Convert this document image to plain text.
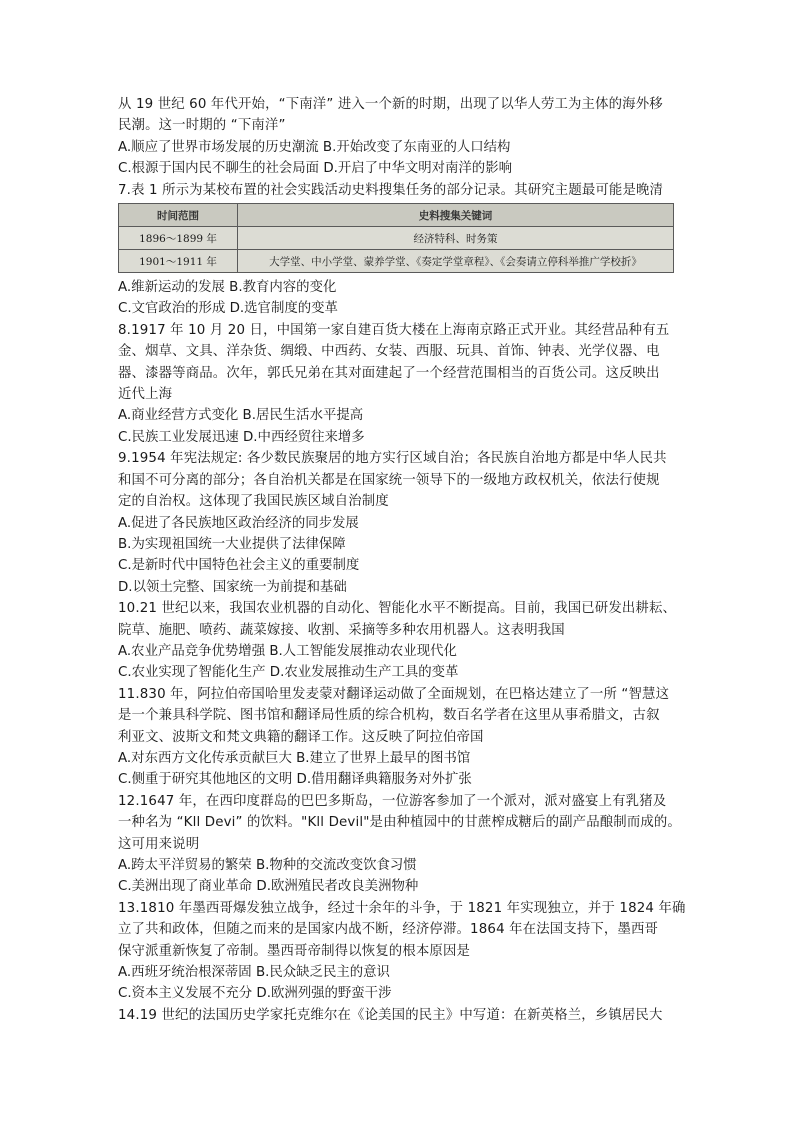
从 19 世纪 60 年代开始，“下南洋” 进入一个新的时期，出现了以华人劳工为主体的海外移
民潮。这一时期的 “下南洋”
A.顺应了世界市场发展的历史潮流 B.开始改变了东南亚的人口结构
C.根源于国内民不聊生的社会局面 D.开启了中华文明对南洋的影响
7.表 1 所示为某校布置的社会实践活动史料搜集任务的部分记录。其研究主题最可能是晚清
时间范围	史料搜集关键词
1896～1899 年	经济特科、时务策
1901～1911 年	大学堂、中小学堂、蒙养学堂、《奏定学堂章程》、《会奏请立停科举推广学校折》
A.维新运动的发展 B.教育内容的变化
C.文官政治的形成 D.选官制度的变革
8.1917 年 10 月 20 日，中国第一家自建百货大楼在上海南京路正式开业。其经营品种有五
金、烟草、文具、洋杂货、绸缎、中西药、女装、西服、玩具、首饰、钟表、光学仪器、电
器、漆器等商品。次年，郭氏兄弟在其对面建起了一个经营范围相当的百货公司。这反映出
近代上海
A.商业经营方式变化 B.居民生活水平提高
C.民族工业发展迅速 D.中西经贸往来增多
9.1954 年宪法规定: 各少数民族聚居的地方实行区域自治；各民族自治地方都是中华人民共
和国不可分离的部分；各自治机关都是在国家统一领导下的一级地方政权机关，依法行使规
定的自治权。这体现了我国民族区域自治制度
A.促进了各民族地区政治经济的同步发展
B.为实现祖国统一大业提供了法律保障
C.是新时代中国特色社会主义的重要制度
D.以领土完整、国家统一为前提和基础
10.21 世纪以来，我国农业机器的自动化、智能化水平不断提高。目前，我国已研发出耕耘、
院草、施肥、喷药、蔬菜嫁接、收割、采摘等多种农用机器人。这表明我国
A.农业产品竞争优势增强 B.人工智能发展推动农业现代化
C.农业实现了智能化生产 D.农业发展推动生产工具的变革
11.830 年，阿拉伯帝国哈里发麦蒙对翻译运动做了全面规划，在巴格达建立了一所 “智慧这
是一个兼具科学院、图书馆和翻译局性质的综合机构，数百名学者在这里从事希腊文，古叙
利亚文、波斯文和梵文典籍的翻译工作。这反映了阿拉伯帝国
A.对东西方文化传承贡献巨大 B.建立了世界上最早的图书馆
C.侧重于研究其他地区的文明 D.借用翻译典籍服务对外扩张
12.1647 年，在西印度群岛的巴巴多斯岛，一位游客参加了一个派对，派对盛宴上有乳猪及
一种名为 “Kll Devi” 的饮料。"Kll Devil"是由种植园中的甘蔗榨成糖后的副产品酿制而成的。
这可用来说明
A.跨太平洋贸易的繁荣 B.物种的交流改变饮食习惯
C.美洲出现了商业革命 D.欧洲殖民者改良美洲物种
13.1810 年墨西哥爆发独立战争，经过十余年的斗争，于 1821 年实现独立，并于 1824 年确
立了共和政体，但随之而来的是国家内战不断，经济停滞。1864 年在法国支持下，墨西哥
保守派重新恢复了帝制。墨西哥帝制得以恢复的根本原因是
A.西班牙统治根深蒂固 B.民众缺乏民主的意识
C.资本主义发展不充分 D.欧洲列强的野蛮干涉
14.19 世纪的法国历史学家托克维尔在《论美国的民主》中写道：在新英格兰，乡镇居民大
